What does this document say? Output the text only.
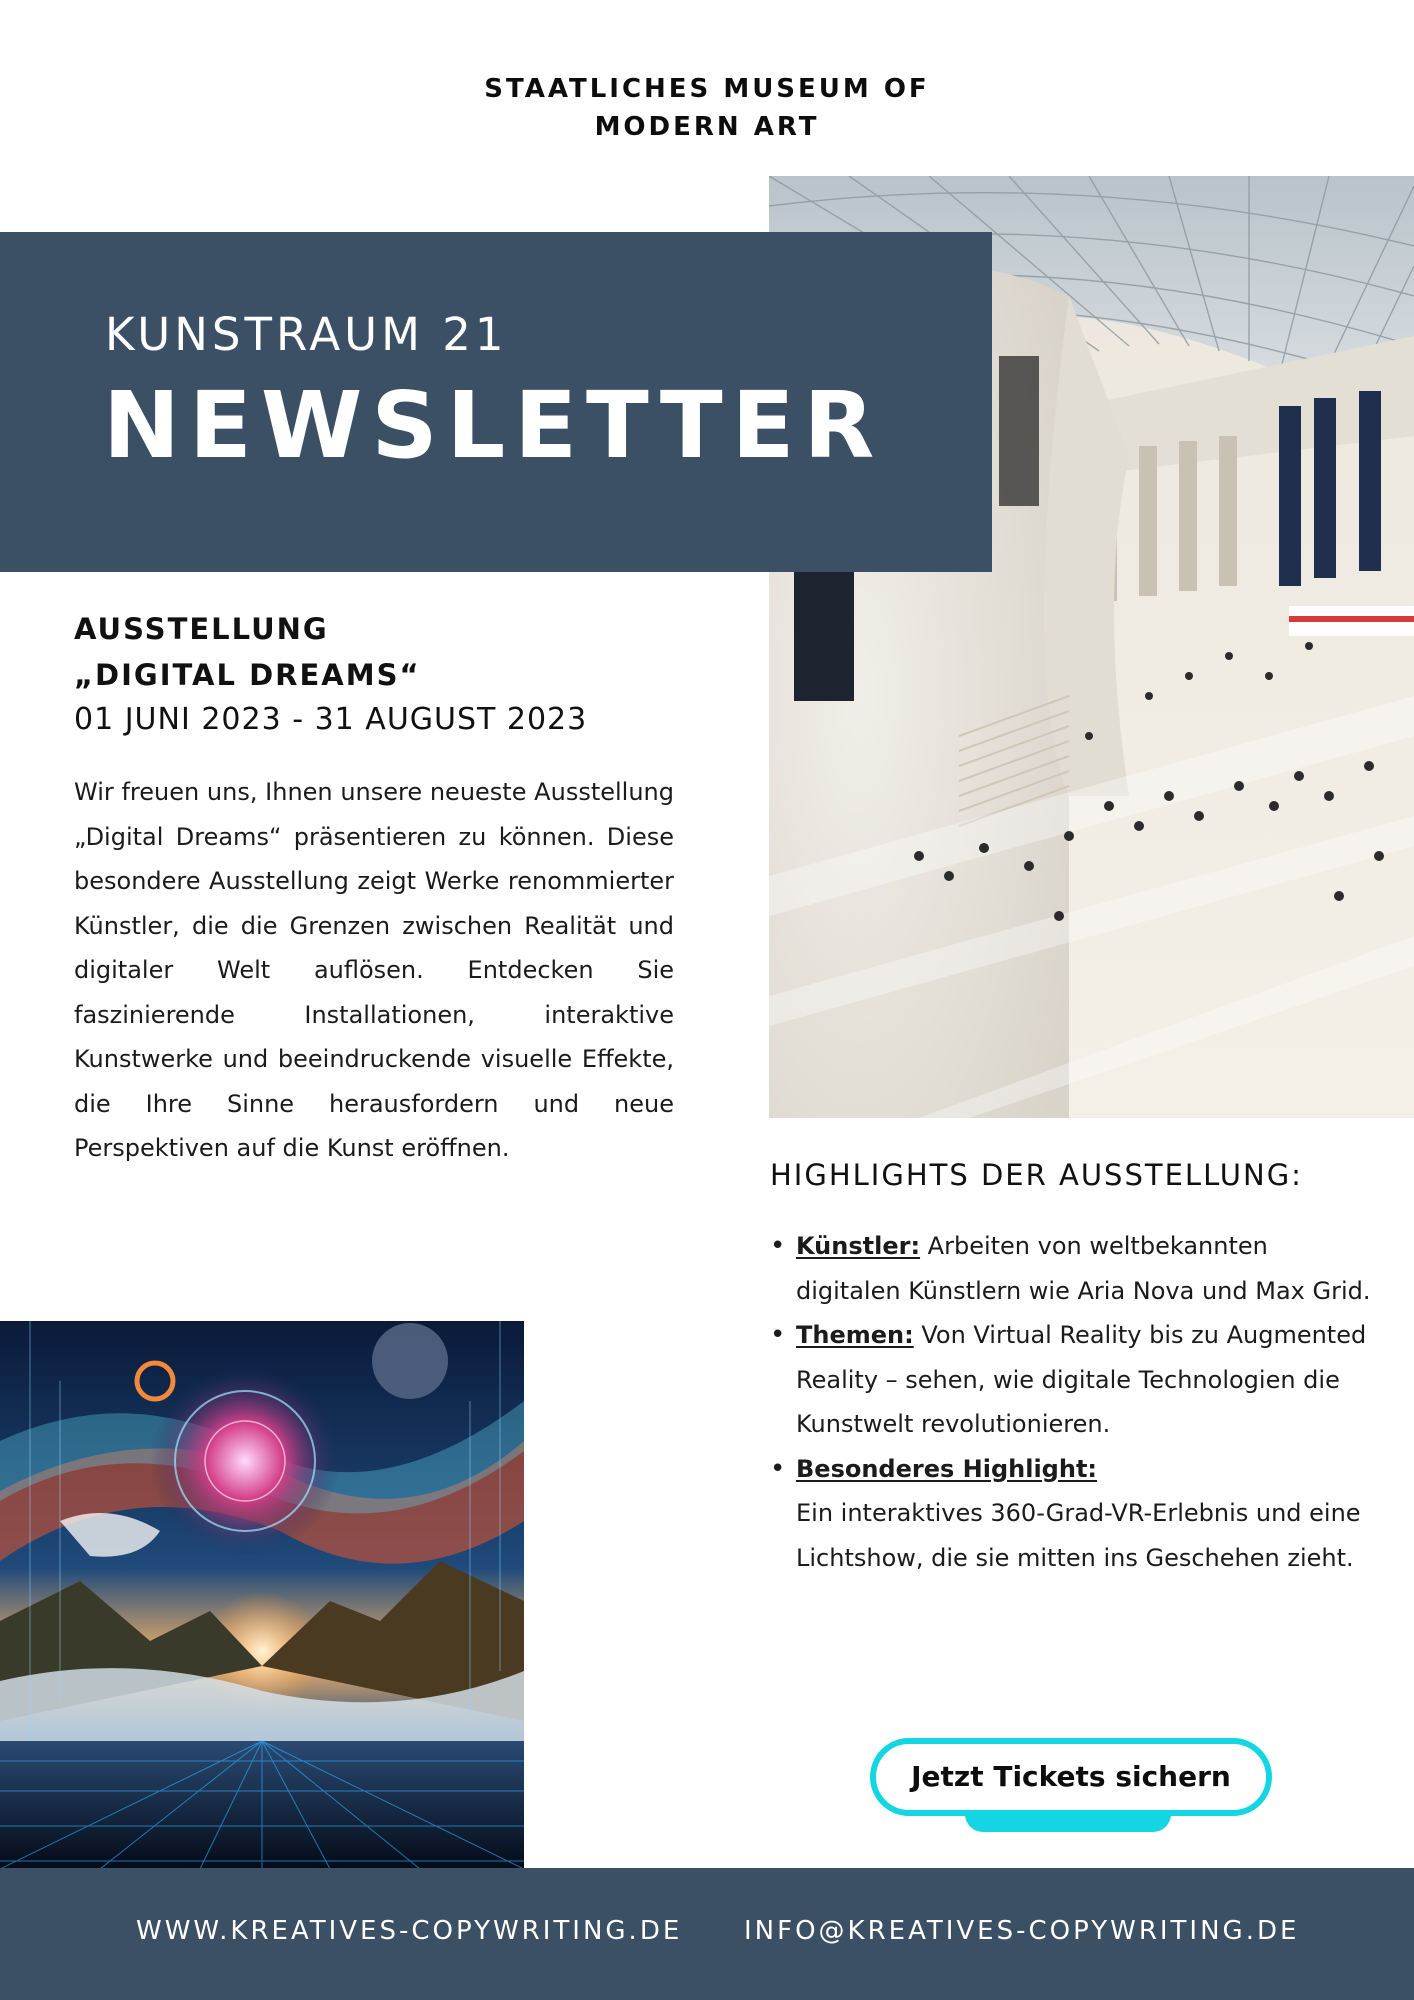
STAATLICHES MUSEUM OF
MODERN ART
KUNSTRAUM 21
NEWSLETTER
AUSSTELLUNG
„DIGITAL DREAMS“
01 JUNI 2023 - 31 AUGUST 2023

Wir freuen uns, Ihnen unsere neueste Ausstellung „Digital Dreams“ präsentieren zu können. Diese besondere Ausstellung zeigt Werke renommierter Künstler, die die Grenzen zwischen Realität und digitaler Welt auflösen. Entdecken Sie faszinierende Installationen, interaktive Kunstwerke und beeindruckende visuelle Effekte, die Ihre Sinne herausfordern und neue Perspektiven auf die Kunst eröffnen.

HIGHLIGHTS DER AUSSTELLUNG:
• Künstler: Arbeiten von weltbekannten digitalen Künstlern wie Aria Nova und Max Grid.
• Themen: Von Virtual Reality bis zu Augmented Reality – sehen, wie digitale Technologien die Kunstwelt revolutionieren.
• Besonderes Highlight:
Ein interaktives 360-Grad-VR-Erlebnis und eine Lichtshow, die sie mitten ins Geschehen zieht.
Jetzt Tickets sichern
WWW.KREATIVES-COPYWRITING.DE INFO@KREATIVES-COPYWRITING.DE
